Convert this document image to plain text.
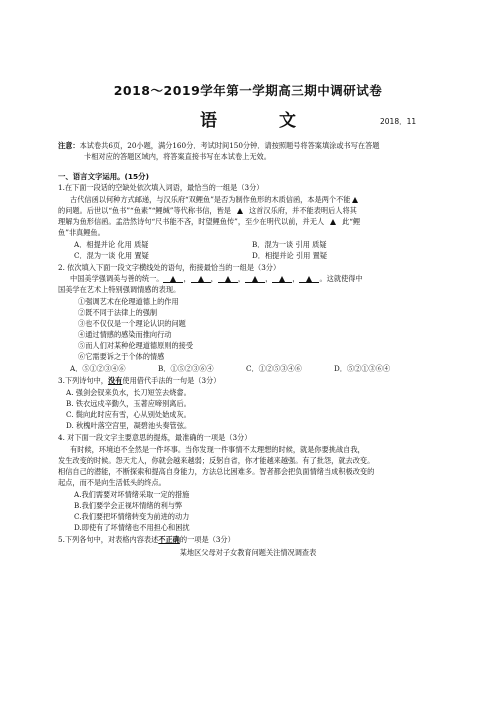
2018～2019学年第一学期高三期中调研试卷
语 文	2018．11
注意：本试卷共6页，20小题，满分160分．考试时间150分钟．请按照题号将答案填涂或书写在答题
卡相对应的答题区域内，将答案直接书写在本试卷上无效。
一、语言文字运用。(15分)
1.在下面一段话的空缺处依次填入词语，最恰当的一组是（3分）
古代信函以何种方式邮递，与汉乐府“双鲤鱼”是否为制作鱼形的木质信函，本是两个不能
的问题。后世以“鱼书”“鱼素”“鲤缄”等代称书信，皆是	这首汉乐府，并不能表明后人将其
理解为鱼形信函。孟浩然诗句“尺书能不吝，时望鲤鱼传”，至少在明代以前，并无人	此“鲤
鱼”非真鲤鱼。
A．相提并论 化用 质疑	B．混为一谈 引用 质疑
C．混为一谈 化用 置疑	D．相提并论 引用 置疑
2. 依次填入下面一段文字横线处的语句，衔接最恰当的一组是（3分）
中国美学强调美与善的统一。	，	，	，	，	，	。这就使得中
国美学在艺术上特别强调情感的表现。
①强调艺术在伦理道德上的作用
②既不同于法律上的强制
③也不仅仅是一个理论认识的问题
④通过情感的感染而推向行动
⑤而人们对某种伦理道德原则的接受
⑥它需要诉之于个体的情感
A．⑤①②③④⑥	B．①⑤②③⑥④	C．①②⑤③④⑥	D．⑤②①③⑥④
3.下列诗句中，没有使用借代手法的一句是（3分）
A. 强剑会钗来负水，长刀短笠去烧畲。
B. 铁衣远戍辛勤久，玉著应啼别离后。
C. 鬓向此时应有雪，心从别处始成灰。
D. 秋槐叶落空宫里，凝碧池头奏管弦。
4. 对下面一段文字主要意思的提炼，最准确的一项是（3分）
有时候，环境迫不全然是一件坏事。当你发现一件事情不太理想的时候，就是你要挑战自我，
发生改变的时候。怨天尤人，你就会越来越弱；反躬自省，你才能越来越强。有了批怨，就去改变。
相信自己的潜能，不断探索和提高自身能力，方法总比困难多。智者都会把负面情绪当成积极改变的
起点，而不是向生活低头的终点。
A.我们需要对坏情绪采取一定的措施
B.我们要学会正视坏情绪的利与弊
C.我们要把坏情绪转变为前进的动力
D.即使有了坏情绪也不用担心和困扰
5.下列各句中，对表格内容表述不正确的一项是（3分）
某地区父母对子女教育问题关注情况调查表
